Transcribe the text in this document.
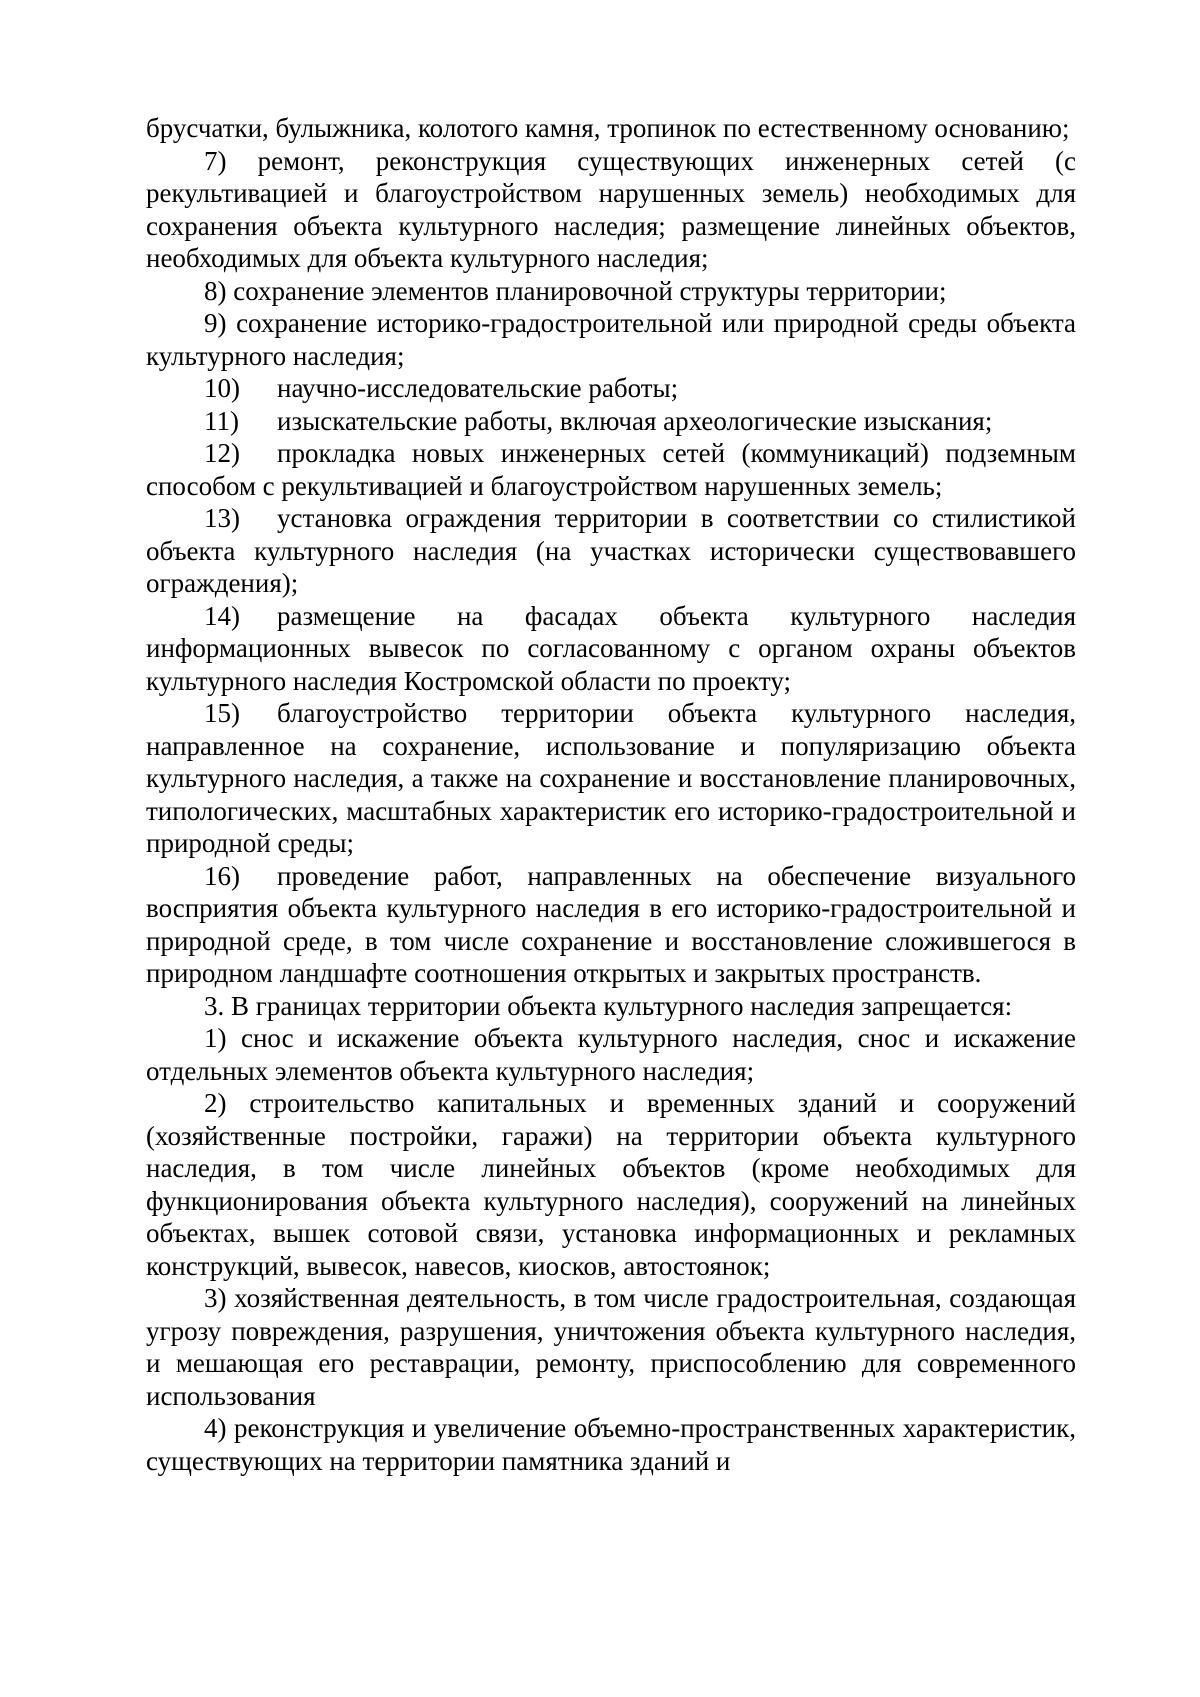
брусчатки, булыжника, колотого камня, тропинок по естественному основанию;

7) ремонт, реконструкция существующих инженерных сетей (с рекультивацией и благоустройством нарушенных земель) необходимых для сохранения объекта культурного наследия; размещение линейных объектов, необходимых для объекта культурного наследия;

8) сохранение элементов планировочной структуры территории;

9) сохранение историко-градостроительной или природной среды объекта культурного наследия;

10) научно-исследовательские работы;

11) изыскательские работы, включая археологические изыскания;

12) прокладка новых инженерных сетей (коммуникаций) подземным способом с рекультивацией и благоустройством нарушенных земель;

13) установка ограждения территории в соответствии со стилистикой объекта культурного наследия (на участках исторически существовавшего ограждения);

14) размещение на фасадах объекта культурного наследия информационных вывесок по согласованному с органом охраны объектов культурного наследия Костромской области по проекту;

15) благоустройство территории объекта культурного наследия, направленное на сохранение, использование и популяризацию объекта культурного наследия, а также на сохранение и восстановление планировочных, типологических, масштабных характеристик его историко-градостроительной и природной среды;

16) проведение работ, направленных на обеспечение визуального восприятия объекта культурного наследия в его историко-градостроительной и природной среде, в том числе сохранение и восстановление сложившегося в природном ландшафте соотношения открытых и закрытых пространств.

3. В границах территории объекта культурного наследия запрещается:

1) снос и искажение объекта культурного наследия, снос и искажение отдельных элементов объекта культурного наследия;

2) строительство капитальных и временных зданий и сооружений (хозяйственные постройки, гаражи) на территории объекта культурного наследия, в том числе линейных объектов (кроме необходимых для функционирования объекта культурного наследия), сооружений на линейных объектах, вышек сотовой связи, установка информационных и рекламных конструкций, вывесок, навесов, киосков, автостоянок;

3) хозяйственная деятельность, в том числе градостроительная, создающая угрозу повреждения, разрушения, уничтожения объекта культурного наследия, и мешающая его реставрации, ремонту, приспособлению для современного использования

4) реконструкция и увеличение объемно-пространственных характеристик, существующих на территории памятника зданий и
